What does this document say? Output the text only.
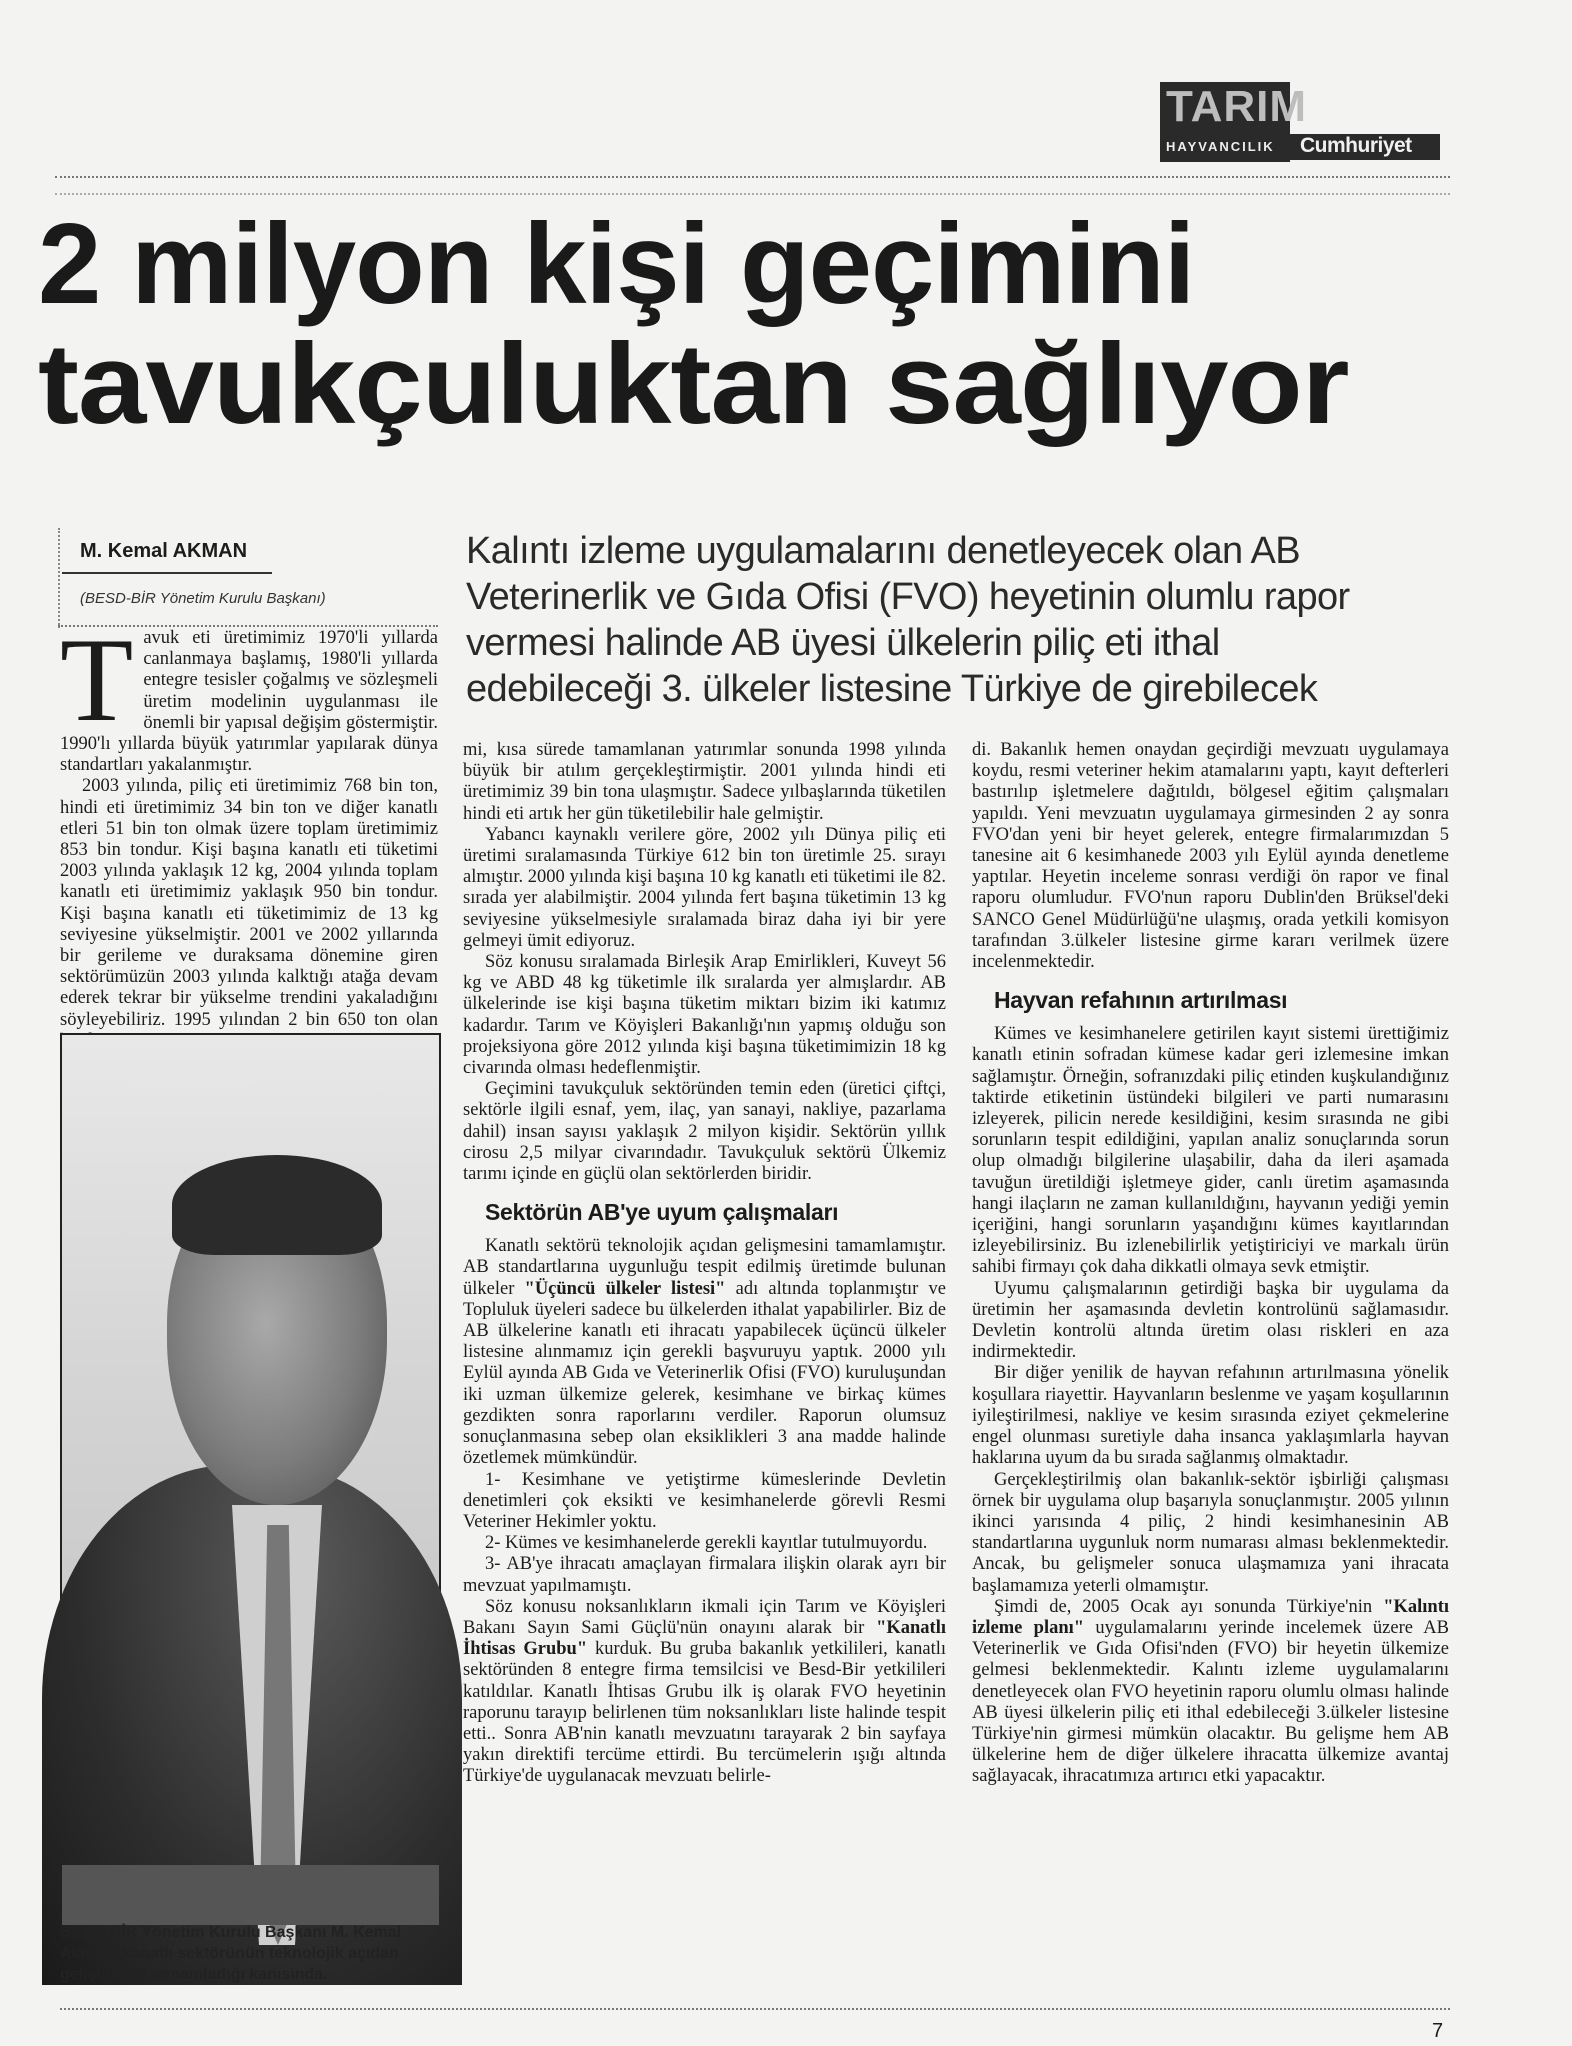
TARIM
HAYVANCILIK Cumhuriyet
2 milyon kişi geçimini
tavukçuluktan sağlıyor
M. Kemal AKMAN
(BESD-BİR Yönetim Kurulu Başkanı)
Kalıntı izleme uygulamalarını denetleyecek olan AB
Veterinerlik ve Gıda Ofisi (FVO) heyetinin olumlu rapor
vermesi halinde AB üyesi ülkelerin piliç eti ithal
edebileceği 3. ülkeler listesine Türkiye de girebilecek
T avuk eti üretimimiz 1970'li yıllarda canlanmaya başlamış, 1980'li yıllarda entegre tesisler çoğalmış ve sözleşmeli üretim modelinin uygulanması ile önemli bir yapısal değişim göstermiştir. 1990'lı yıllarda büyük yatırımlar yapılarak dünya standartları yakalanmıştır.

2003 yılında, piliç eti üretimimiz 768 bin ton, hindi eti üretimimiz 34 bin ton ve diğer kanatlı etleri 51 bin ton olmak üzere toplam üretimimiz 853 bin tondur. Kişi başına kanatlı eti tüketimi 2003 yılında yaklaşık 12 kg, 2004 yılında toplam kanatlı eti üretimimiz yaklaşık 950 bin tondur. Kişi başına kanatlı eti tüketimimiz de 13 kg seviyesine yükselmiştir. 2001 ve 2002 yıllarında bir gerileme ve duraksama dönemine giren sektörümüzün 2003 yılında kalktığı atağa devam ederek tekrar bir yükselme trendini yakaladığını söyleyebiliriz. 1995 yılından 2 bin 650 ton olan

BESD-BİR Yönetim Kurulu Başkanı M. Kemal Akman, kanatlı sektörünün teknolojik açıdan gelişmesini tamamladığı kanısında.

mi, kısa sürede tamamlanan yatırımlar sonunda 1998 yılında büyük bir atılım gerçekleştirmiştir. 2001 yılında hindi eti üretimimiz 39 bin tona ulaşmıştır. Sadece yılbaşlarında tüketilen hindi eti artık her gün tüketilebilir hale gelmiştir.

Yabancı kaynaklı verilere göre, 2002 yılı Dünya piliç eti üretimi sıralamasında Türkiye 612 bin ton üretimle 25. sırayı almıştır. 2000 yılında kişi başına 10 kg kanatlı eti tüketimi ile 82. sırada yer alabilmiştir. 2004 yılında fert başına tüketimin 13 kg seviyesine yükselmesiyle sıralamada biraz daha iyi bir yere gelmeyi ümit ediyoruz.

Söz konusu sıralamada Birleşik Arap Emirlikleri, Kuveyt 56 kg ve ABD 48 kg tüketimle ilk sıralarda yer almışlardır. AB ülkelerinde ise kişi başına tüketim miktarı bizim iki katımız kadardır. Tarım ve Köyişleri Bakanlığı'nın yapmış olduğu son projeksiyona göre 2012 yılında kişi başına tüketimimizin 18 kg civarında olması hedeflenmiştir.

Geçimini tavukçuluk sektöründen temin eden (üretici çiftçi, sektörle ilgili esnaf, yem, ilaç, yan sanayi, nakliye, pazarlama dahil) insan sayısı yaklaşık 2 milyon kişidir. Sektörün yıllık cirosu 2,5 milyar civarındadır. Tavukçuluk sektörü Ülkemiz tarımı içinde en güçlü olan sektörlerden biridir.

Sektörün AB'ye uyum çalışmaları

Kanatlı sektörü teknolojik açıdan gelişmesini tamamlamıştır. AB standartlarına uygunluğu tespit edilmiş üretimde bulunan ülkeler "Üçüncü ülkeler listesi" adı altında toplanmıştır ve Topluluk üyeleri sadece bu ülkelerden ithalat yapabilirler. Biz de AB ülkelerine kanatlı eti ihracatı yapabilecek üçüncü ülkeler listesine alınmamız için gerekli başvuruyu yaptık. 2000 yılı Eylül ayında AB Gıda ve Veterinerlik Ofisi (FVO) kuruluşundan iki uzman ülkemize gelerek, kesimhane ve birkaç kümes gezdikten sonra raporlarını verdiler. Raporun olumsuz sonuçlanmasına sebep olan eksiklikleri 3 ana madde halinde özetlemek mümkündür.

1- Kesimhane ve yetiştirme kümeslerinde Devletin denetimleri çok eksikti ve kesimhanelerde görevli Resmi Veteriner Hekimler yoktu.

2- Kümes ve kesimhanelerde gerekli kayıtlar tutulmuyordu.

3- AB'ye ihracatı amaçlayan firmalara ilişkin olarak ayrı bir mevzuat yapılmamıştı.

Söz konusu noksanlıkların ikmali için Tarım ve Köyişleri Bakanı Sayın Sami Güçlü'nün onayını alarak bir "Kanatlı İhtisas Grubu" kurduk. Bu gruba bakanlık yetkilileri, kanatlı sektöründen 8 entegre firma temsilcisi ve Besd-Bir yetkilileri katıldılar. Kanatlı İhtisas Grubu ilk iş olarak FVO heyetinin raporunu tarayıp belirlenen tüm noksanlıkları liste halinde tespit etti.. Sonra AB'nin kanatlı mevzuatını tarayarak 2 bin sayfaya yakın direktifi tercüme ettirdi. Bu tercümelerin ışığı altında Türkiye'de uygulanacak mevzuatı belirle-

di. Bakanlık hemen onaydan geçirdiği mevzuatı uygulamaya koydu, resmi veteriner hekim atamalarını yaptı, kayıt defterleri bastırılıp işletmelere dağıtıldı, bölgesel eğitim çalışmaları yapıldı. Yeni mevzuatın uygulamaya girmesinden 2 ay sonra FVO'dan yeni bir heyet gelerek, entegre firmalarımızdan 5 tanesine ait 6 kesimhanede 2003 yılı Eylül ayında denetleme yaptılar. Heyetin inceleme sonrası verdiği ön rapor ve final raporu olumludur. FVO'nun raporu Dublin'den Brüksel'deki SANCO Genel Müdürlüğü'ne ulaşmış, orada yetkili komisyon tarafından 3.ülkeler listesine girme kararı verilmek üzere incelenmektedir.

Hayvan refahının artırılması

Kümes ve kesimhanelere getirilen kayıt sistemi ürettiğimiz kanatlı etinin sofradan kümese kadar geri izlemesine imkan sağlamıştır. Örneğin, sofranızdaki piliç etinden kuşkulandığınız taktirde etiketinin üstündeki bilgileri ve parti numarasını izleyerek, pilicin nerede kesildiğini, kesim sırasında ne gibi sorunların tespit edildiğini, yapılan analiz sonuçlarında sorun olup olmadığı bilgilerine ulaşabilir, daha da ileri aşamada tavuğun üretildiği işletmeye gider, canlı üretim aşamasında hangi ilaçların ne zaman kullanıldığını, hayvanın yediği yemin içeriğini, hangi sorunların yaşandığını kümes kayıtlarından izleyebilirsiniz. Bu izlenebilirlik yetiştiriciyi ve markalı ürün sahibi firmayı çok daha dikkatli olmaya sevk etmiştir.

Uyumu çalışmalarının getirdiği başka bir uygulama da üretimin her aşamasında devletin kontrolünü sağlamasıdır. Devletin kontrolü altında üretim olası riskleri en aza indirmektedir.

Bir diğer yenilik de hayvan refahının artırılmasına yönelik koşullara riayettir. Hayvanların beslenme ve yaşam koşullarının iyileştirilmesi, nakliye ve kesim sırasında eziyet çekmelerine engel olunması suretiyle daha insanca yaklaşımlarla hayvan haklarına uyum da bu sırada sağlanmış olmaktadır.

Gerçekleştirilmiş olan bakanlık-sektör işbirliği çalışması örnek bir uygulama olup başarıyla sonuçlanmıştır. 2005 yılının ikinci yarısında 4 piliç, 2 hindi kesimhanesinin AB standartlarına uygunluk norm numarası alması beklenmektedir. Ancak, bu gelişmeler sonuca ulaşmamıza yani ihracata başlamamıza yeterli olmamıştır.

Şimdi de, 2005 Ocak ayı sonunda Türkiye'nin "Kalıntı izleme planı" uygulamalarını yerinde incelemek üzere AB Veterinerlik ve Gıda Ofisi'nden (FVO) bir heyetin ülkemize gelmesi beklenmektedir. Kalıntı izleme uygulamalarını denetleyecek olan FVO heyetinin raporu olumlu olması halinde AB üyesi ülkelerin piliç eti ithal edebileceği 3.ülkeler listesine Türkiye'nin girmesi mümkün olacaktır. Bu gelişme hem AB ülkelerine hem de diğer ülkelere ihracatta ülkemize avantaj sağlayacak, ihracatımıza artırıcı etki yapacaktır.

7
